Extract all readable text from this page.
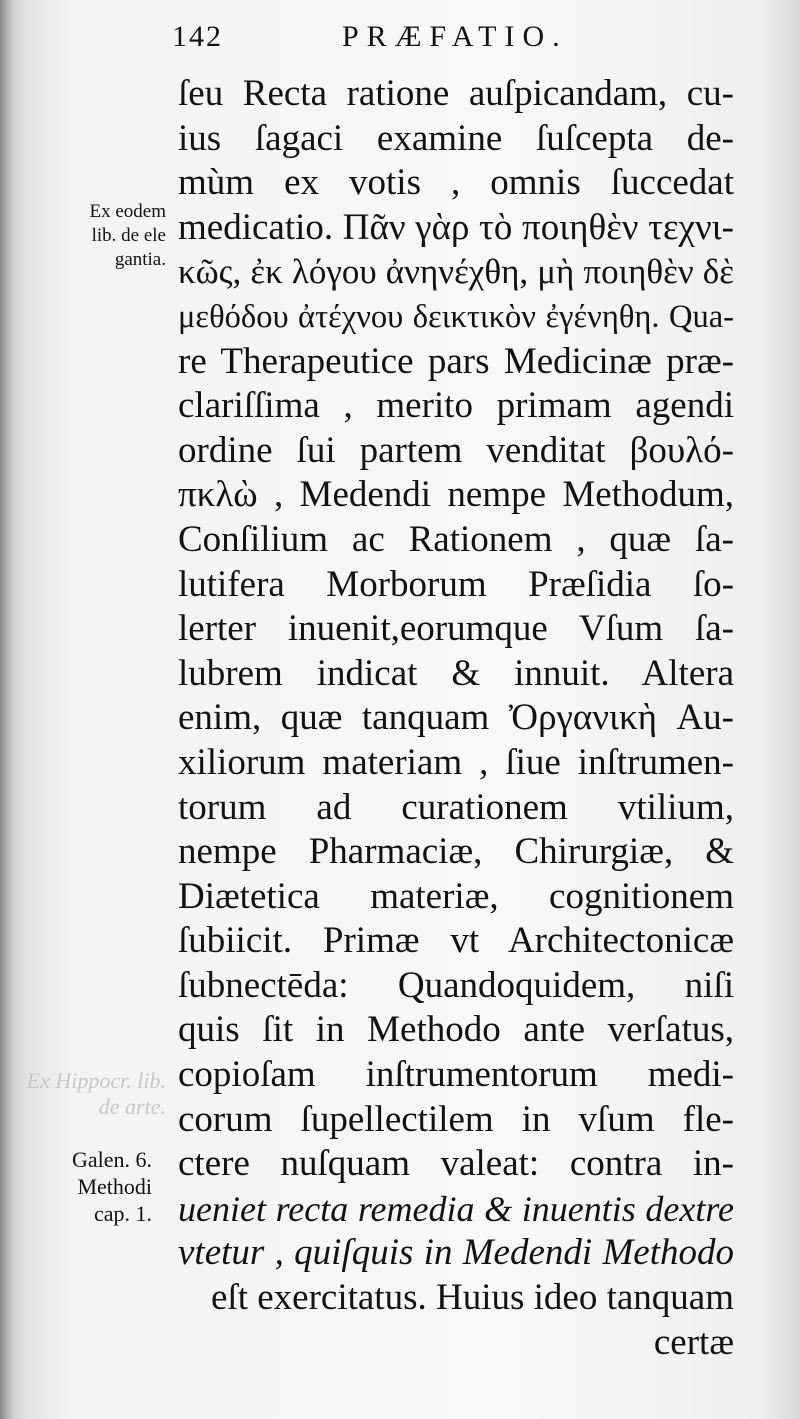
Ex Hippocr. lib. de arte.
142	PRÆFATIO.
ſeu Recta ratione auſpicandam, cu-
ius ſagaci examine ſuſcepta de-
mùm ex votis , omnis ſuccedat
medicatio. Πᾶν γὰρ τὸ ποιηθὲν τεχνι-
κῶς, ἐκ λόγου ἀνηνέχθη, μὴ ποιηθὲν δὲ
μεθόδου ἀτέχνου δεικτικὸν ἐγένηθη. Qua-
re Therapeutice pars Medicinæ præ-
clariſſima , merito primam agendi
ordine ſui partem venditat βουλό-
πκλὼ , Medendi nempe Methodum,
Conſilium ac Rationem , quæ ſa-
lutifera Morborum Præſidia ſo-
lerter inuenit,eorumque Vſum ſa-
lubrem indicat & innuit. Altera
enim, quæ tanquam Ὀργανικὴ Au-
xiliorum materiam , ſiue inſtrumen-
torum ad curationem vtilium,
nempe Pharmaciæ, Chirurgiæ, &
Diætetica materiæ, cognitionem
ſubiicit. Primæ vt Architectonicæ
ſubnectēda: Quandoquidem, niſi
quis ſit in Methodo ante verſatus,
copioſam inſtrumentorum medi-
corum ſupellectilem in vſum fle-
ctere nuſquam valeat: contra in-
ueniet recta remedia & inuentis dextre
vtetur , quiſquis in Medendi Methodo
eſt exercitatus. Huius ideo tanquam
certæ
Ex eodem
lib. de ele
gantia.
Galen. 6.
Methodi
cap. 1.
